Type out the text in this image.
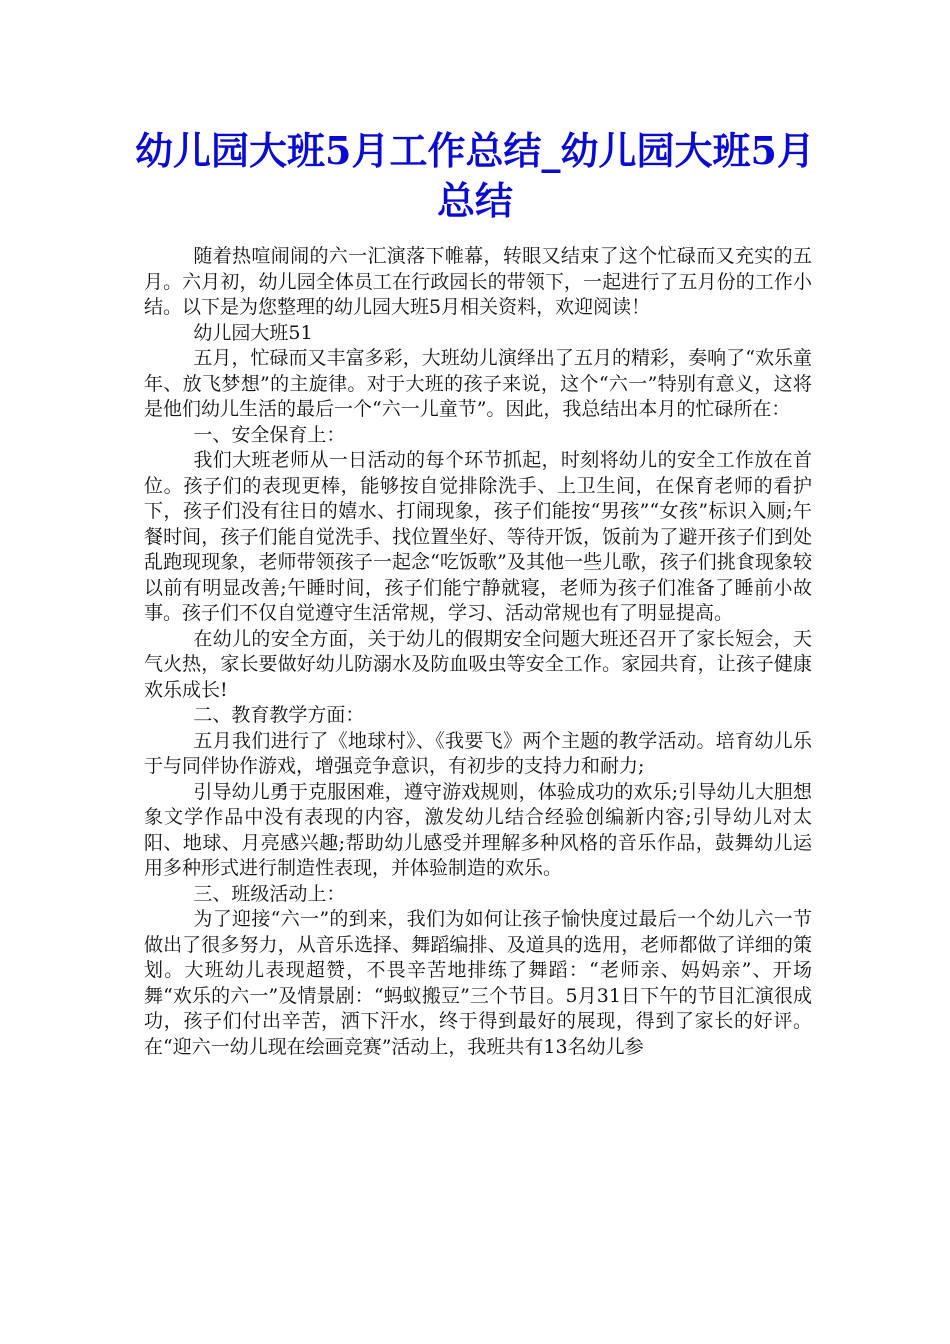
幼儿园大班5月工作总结_幼儿园大班5月总结

随着热喧闹闹的六一汇演落下帷幕，转眼又结束了这个忙碌而又充实的五月。六月初，幼儿园全体员工在行政园长的带领下，一起进行了五月份的工作小结。以下是为您整理的幼儿园大班5月相关资料，欢迎阅读！

幼儿园大班51

五月，忙碌而又丰富多彩，大班幼儿演绎出了五月的精彩，奏响了“欢乐童年、放飞梦想”的主旋律。对于大班的孩子来说，这个“六一”特别有意义，这将是他们幼儿生活的最后一个“六一儿童节”。因此，我总结出本月的忙碌所在：

一、安全保育上：

我们大班老师从一日活动的每个环节抓起，时刻将幼儿的安全工作放在首位。孩子们的表现更棒，能够按自觉排除洗手、上卫生间，在保育老师的看护下，孩子们没有往日的嬉水、打闹现象，孩子们能按“男孩”“女孩”标识入厕;午餐时间，孩子们能自觉洗手、找位置坐好、等待开饭，饭前为了避开孩子们到处乱跑现现象，老师带领孩子一起念“吃饭歌”及其他一些儿歌，孩子们挑食现象较以前有明显改善;午睡时间，孩子们能宁静就寝，老师为孩子们准备了睡前小故事。孩子们不仅自觉遵守生活常规，学习、活动常规也有了明显提高。

在幼儿的安全方面，关于幼儿的假期安全问题大班还召开了家长短会，天气火热，家长要做好幼儿防溺水及防血吸虫等安全工作。家园共育，让孩子健康欢乐成长!

二、教育教学方面：

五月我们进行了《地球村》、《我要飞》两个主题的教学活动。培育幼儿乐于与同伴协作游戏，增强竞争意识，有初步的支持力和耐力;

引导幼儿勇于克服困难，遵守游戏规则，体验成功的欢乐;引导幼儿大胆想象文学作品中没有表现的内容，激发幼儿结合经验创编新内容;引导幼儿对太阳、地球、月亮感兴趣;帮助幼儿感受并理解多种风格的音乐作品，鼓舞幼儿运用多种形式进行制造性表现，并体验制造的欢乐。

三、班级活动上：

为了迎接“六一”的到来，我们为如何让孩子愉快度过最后一个幼儿六一节做出了很多努力，从音乐选择、舞蹈编排、及道具的选用，老师都做了详细的策划。大班幼儿表现超赞，不畏辛苦地排练了舞蹈：“老师亲、妈妈亲”、开场舞“欢乐的六一”及情景剧：“蚂蚁搬豆”三个节目。5月31日下午的节目汇演很成功，孩子们付出辛苦，洒下汗水，终于得到最好的展现，得到了家长的好评。在“迎六一幼儿现在绘画竞赛”活动上，我班共有13名幼儿参
